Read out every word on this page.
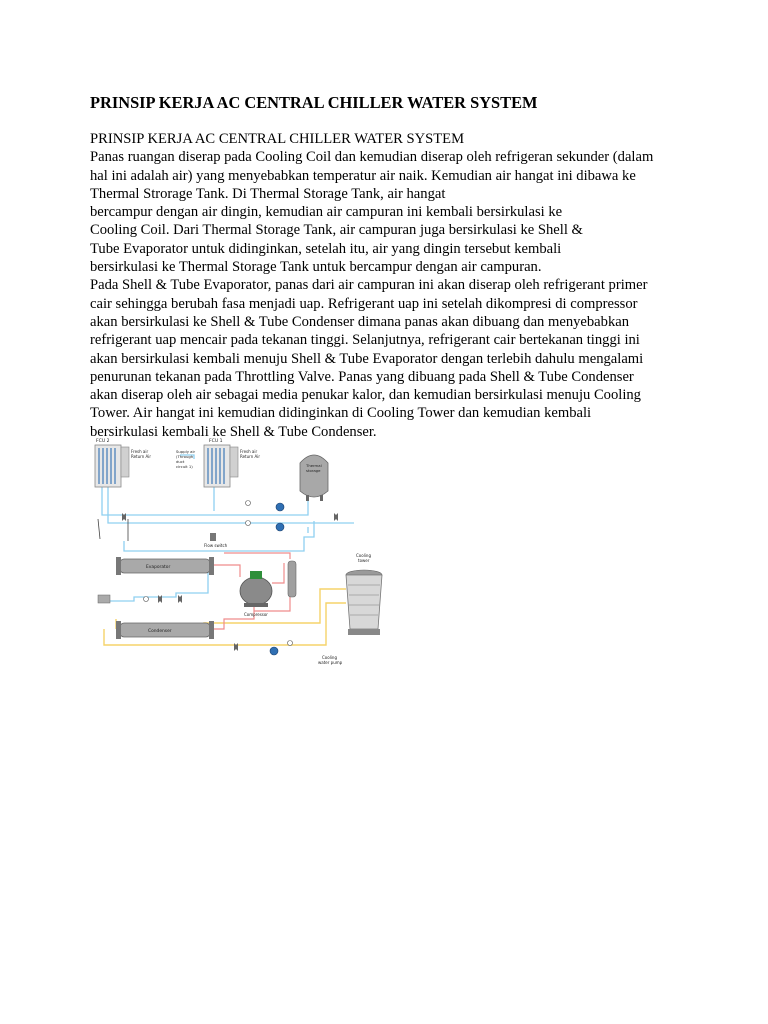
PRINSIP KERJA AC CENTRAL CHILLER WATER SYSTEM
PRINSIP KERJA AC CENTRAL CHILLER WATER SYSTEM
Panas ruangan diserap pada Cooling Coil dan kemudian diserap oleh refrigeran sekunder (dalam
hal ini adalah air) yang menyebabkan temperatur air naik. Kemudian air hangat ini dibawa ke
Thermal Strorage Tank. Di Thermal Storage Tank, air hangat
bercampur dengan air dingin, kemudian air campuran ini kembali bersirkulasi ke
Cooling Coil. Dari Thermal Storage Tank, air campuran juga bersirkulasi ke Shell &
Tube Evaporator untuk didinginkan, setelah itu, air yang dingin tersebut kembali
bersirkulasi ke Thermal Storage Tank untuk bercampur dengan air campuran.
Pada Shell & Tube Evaporator, panas dari air campuran ini akan diserap oleh refrigerant primer
cair sehingga berubah fasa menjadi uap. Refrigerant uap ini setelah dikompresi di compressor
akan bersirkulasi ke Shell & Tube Condenser dimana panas akan dibuang dan menyebabkan
refrigerant uap mencair pada tekanan tinggi. Selanjutnya, refrigerant cair bertekanan tinggi ini
akan bersirkulasi kembali menuju Shell & Tube Evaporator dengan terlebih dahulu mengalami
penurunan tekanan pada Throttling Valve. Panas yang dibuang pada Shell & Tube Condenser
akan diserap oleh air sebagai media penukar kalor, dan kemudian bersirkulasi menuju Cooling
Tower. Air hangat ini kemudian didinginkan di Cooling Tower dan kemudian kembali
bersirkulasi kembali ke Shell & Tube Condenser.
FCU 2	FCU 1
Fresh air
Return Air
Supply air
(Through
duct
circuit 1)
Fresh air
Return Air
Thermal
storage
Flow switch
Evaporator
Compressor
Condenser
Cooling
tower
Cooling
water pump
